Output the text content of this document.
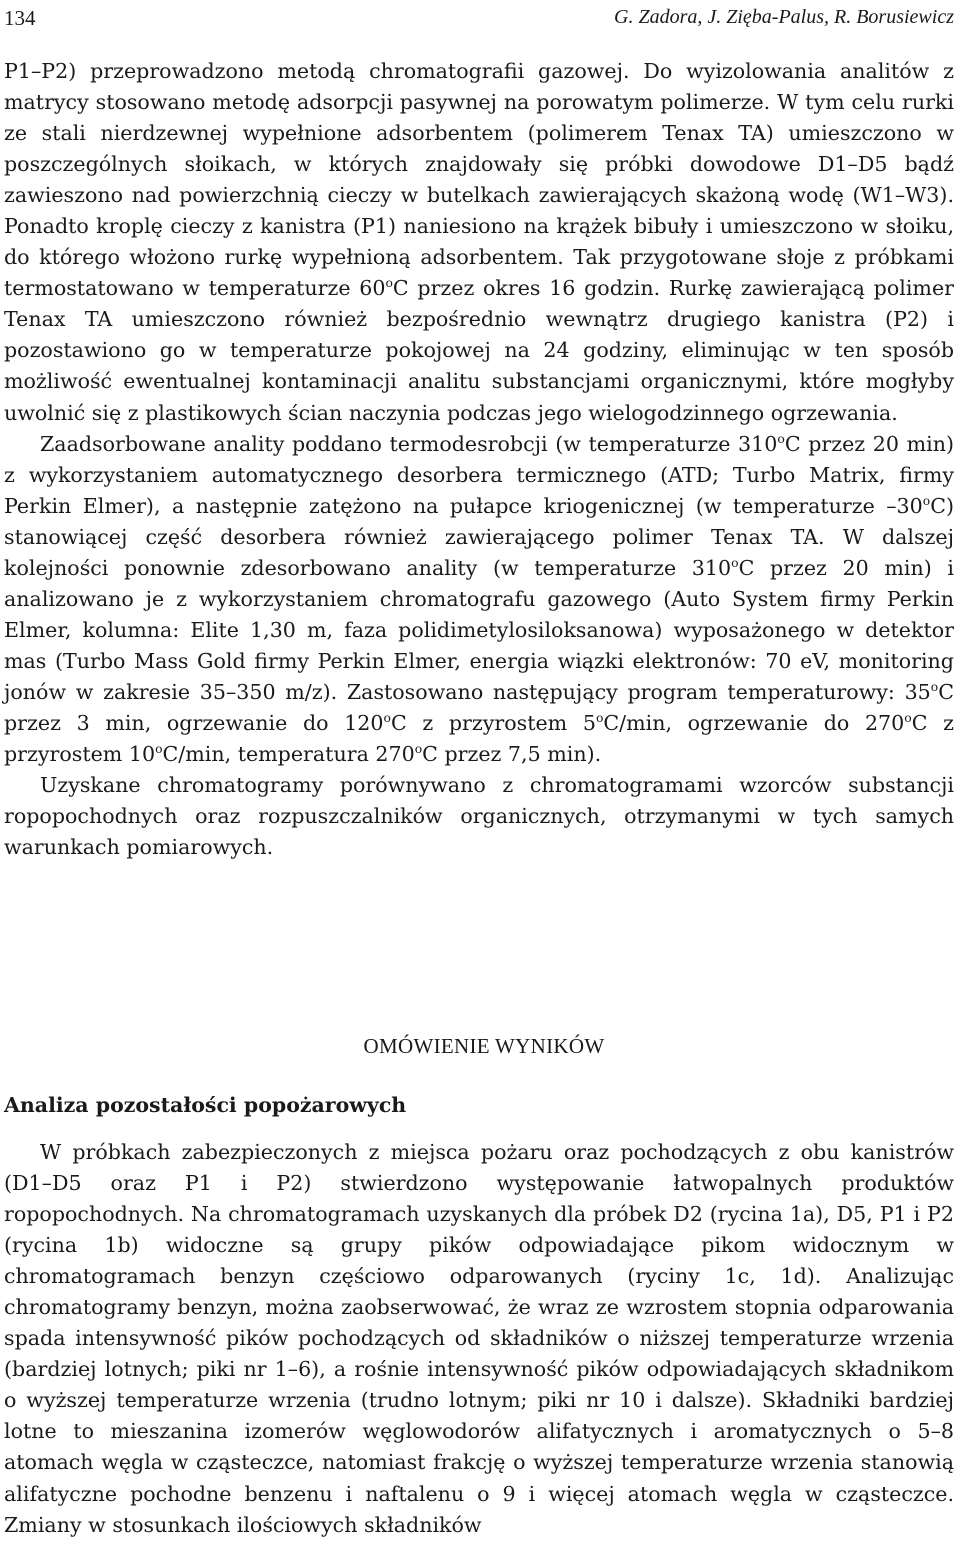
134	G. Zadora, J. Zięba-Palus, R. Borusiewicz

P1–P2) przeprowadzono metodą chromatografii gazowej. Do wyizolowania analitów z matrycy stosowano metodę adsorpcji pasywnej na porowatym polimerze. W tym celu rurki ze stali nierdzewnej wypełnione adsorbentem (polimerem Tenax TA) umieszczono w poszczególnych słoikach, w których znajdowały się próbki dowodowe D1–D5 bądź zawieszono nad powierzchnią cieczy w butelkach zawierających skażoną wodę (W1–W3). Ponadto kroplę cieczy z kanistra (P1) naniesiono na krążek bibuły i umieszczono w słoiku, do którego włożono rurkę wypełnioną adsorbentem. Tak przygotowane słoje z próbkami termostatowano w temperaturze 60$^o$C przez okres 16 godzin. Rurkę zawierającą polimer Tenax TA umieszczono również bezpośrednio wewnątrz drugiego kanistra (P2) i pozostawiono go w temperaturze pokojowej na 24 godziny, eliminując w ten sposób możliwość ewentualnej kontaminacji analitu substancjami organicznymi, które mogłyby uwolnić się z plastikowych ścian naczynia podczas jego wielogodzinnego ogrzewania.

Zaadsorbowane anality poddano termodesrobcji (w temperaturze 310$^o$C przez 20 min) z wykorzystaniem automatycznego desorbera termicznego (ATD; Turbo Matrix, firmy Perkin Elmer), a następnie zatężono na pułapce kriogenicznej (w temperaturze –30$^o$C) stanowiącej część desorbera również zawierającego polimer Tenax TA. W dalszej kolejności ponownie zdesorbowano anality (w temperaturze 310$^o$C przez 20 min) i analizowano je z wykorzystaniem chromatografu gazowego (Auto System firmy Perkin Elmer, kolumna: Elite 1,30 m, faza polidimetylosiloksanowa) wyposażonego w detektor mas (Turbo Mass Gold firmy Perkin Elmer, energia wiązki elektronów: 70 eV, monitoring jonów w zakresie 35–350 m/z). Zastosowano następujący program temperaturowy: 35$^o$C przez 3 min, ogrzewanie do 120$^o$C z przyrostem 5$^o$C/min, ogrzewanie do 270$^o$C z przyrostem 10$^o$C/min, temperatura 270$^o$C przez 7,5 min).

Uzyskane chromatogramy porównywano z chromatogramami wzorców substancji ropopochodnych oraz rozpuszczalników organicznych, otrzymanymi w tych samych warunkach pomiarowych.

OMÓWIENIE WYNIKÓW
Analiza pozostałości popożarowych

W próbkach zabezpieczonych z miejsca pożaru oraz pochodzących z obu kanistrów (D1–D5 oraz P1 i P2) stwierdzono występowanie łatwopalnych produktów ropopochodnych. Na chromatogramach uzyskanych dla próbek D2 (rycina 1a), D5, P1 i P2 (rycina 1b) widoczne są grupy pików odpowiadające pikom widocznym w chromatogramach benzyn częściowo odparowanych (ryciny 1c, 1d). Analizując chromatogramy benzyn, można zaobserwować, że wraz ze wzrostem stopnia odparowania spada intensywność pików pochodzących od składników o niższej temperaturze wrzenia (bardziej lotnych; piki nr 1–6), a rośnie intensywność pików odpowiadających składnikom o wyższej temperaturze wrzenia (trudno lotnym; piki nr 10 i dalsze). Składniki bardziej lotne to mieszanina izomerów węglowodorów alifatycznych i aromatycznych o 5–8 atomach węgla w cząsteczce, natomiast frakcję o wyższej temperaturze wrzenia stanowią alifatyczne pochodne benzenu i naftalenu o 9 i więcej atomach węgla w cząsteczce. Zmiany w stosunkach ilościowych składników
